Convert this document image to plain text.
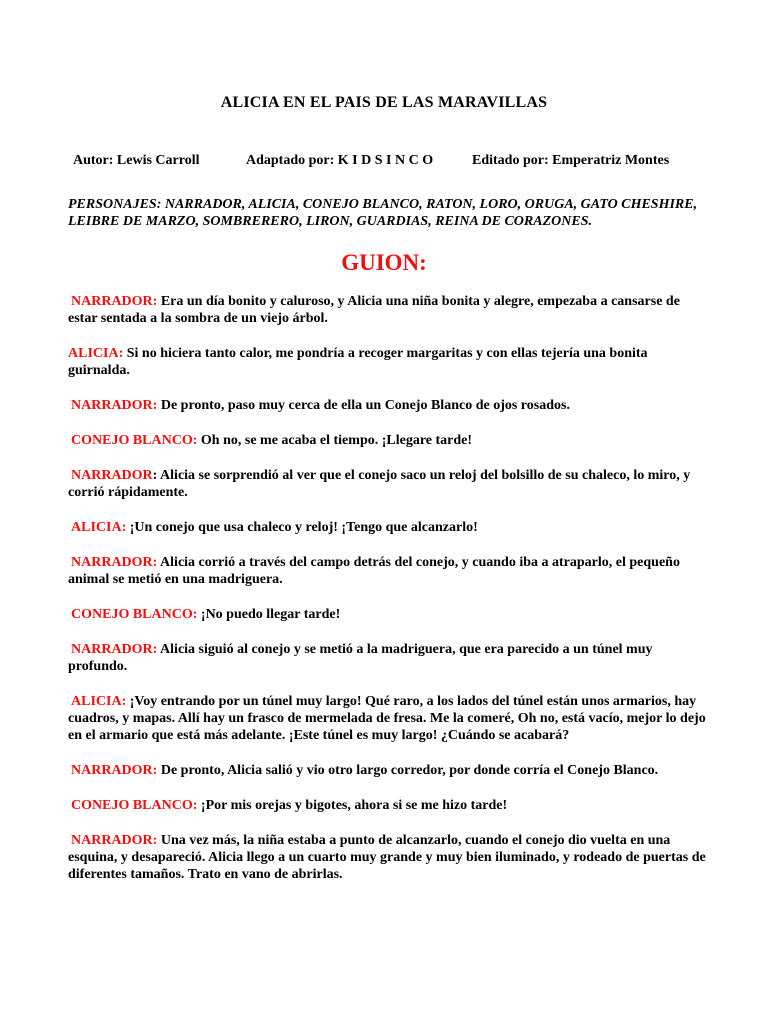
ALICIA EN EL PAIS DE LAS MARAVILLAS
Autor: Lewis Carroll	Adaptado por: K I D S I N C O	Editado por: Emperatriz Montes
PERSONAJES: NARRADOR, ALICIA, CONEJO BLANCO, RATON, LORO, ORUGA, GATO CHESHIRE, LEIBRE DE MARZO, SOMBRERERO, LIRON, GUARDIAS, REINA DE CORAZONES.
GUION:

NARRADOR: Era un día bonito y caluroso, y Alicia una niña bonita y alegre, empezaba a cansarse de estar sentada a la sombra de un viejo árbol.

ALICIA: Si no hiciera tanto calor, me pondría a recoger margaritas y con ellas tejería una bonita guirnalda.

NARRADOR: De pronto, paso muy cerca de ella un Conejo Blanco de ojos rosados.

CONEJO BLANCO: Oh no, se me acaba el tiempo. ¡Llegare tarde!

NARRADOR: Alicia se sorprendió al ver que el conejo saco un reloj del bolsillo de su chaleco, lo miro, y corrió rápidamente.

ALICIA: ¡Un conejo que usa chaleco y reloj! ¡Tengo que alcanzarlo!

NARRADOR: Alicia corrió a través del campo detrás del conejo, y cuando iba a atraparlo, el pequeño animal se metió en una madriguera.

CONEJO BLANCO: ¡No puedo llegar tarde!

NARRADOR: Alicia siguió al conejo y se metió a la madriguera, que era parecido a un túnel muy profundo.

ALICIA: ¡Voy entrando por un túnel muy largo! Qué raro, a los lados del túnel están unos armarios, hay cuadros, y mapas. Allí hay un frasco de mermelada de fresa. Me la comeré, Oh no, está vacío, mejor lo dejo en el armario que está más adelante. ¡Este túnel es muy largo! ¿Cuándo se acabará?

NARRADOR: De pronto, Alicia salió y vio otro largo corredor, por donde corría el Conejo Blanco.

CONEJO BLANCO: ¡Por mis orejas y bigotes, ahora si se me hizo tarde!

NARRADOR: Una vez más, la niña estaba a punto de alcanzarlo, cuando el conejo dio vuelta en una esquina, y desapareció. Alicia llego a un cuarto muy grande y muy bien iluminado, y rodeado de puertas de diferentes tamaños. Trato en vano de abrirlas.
